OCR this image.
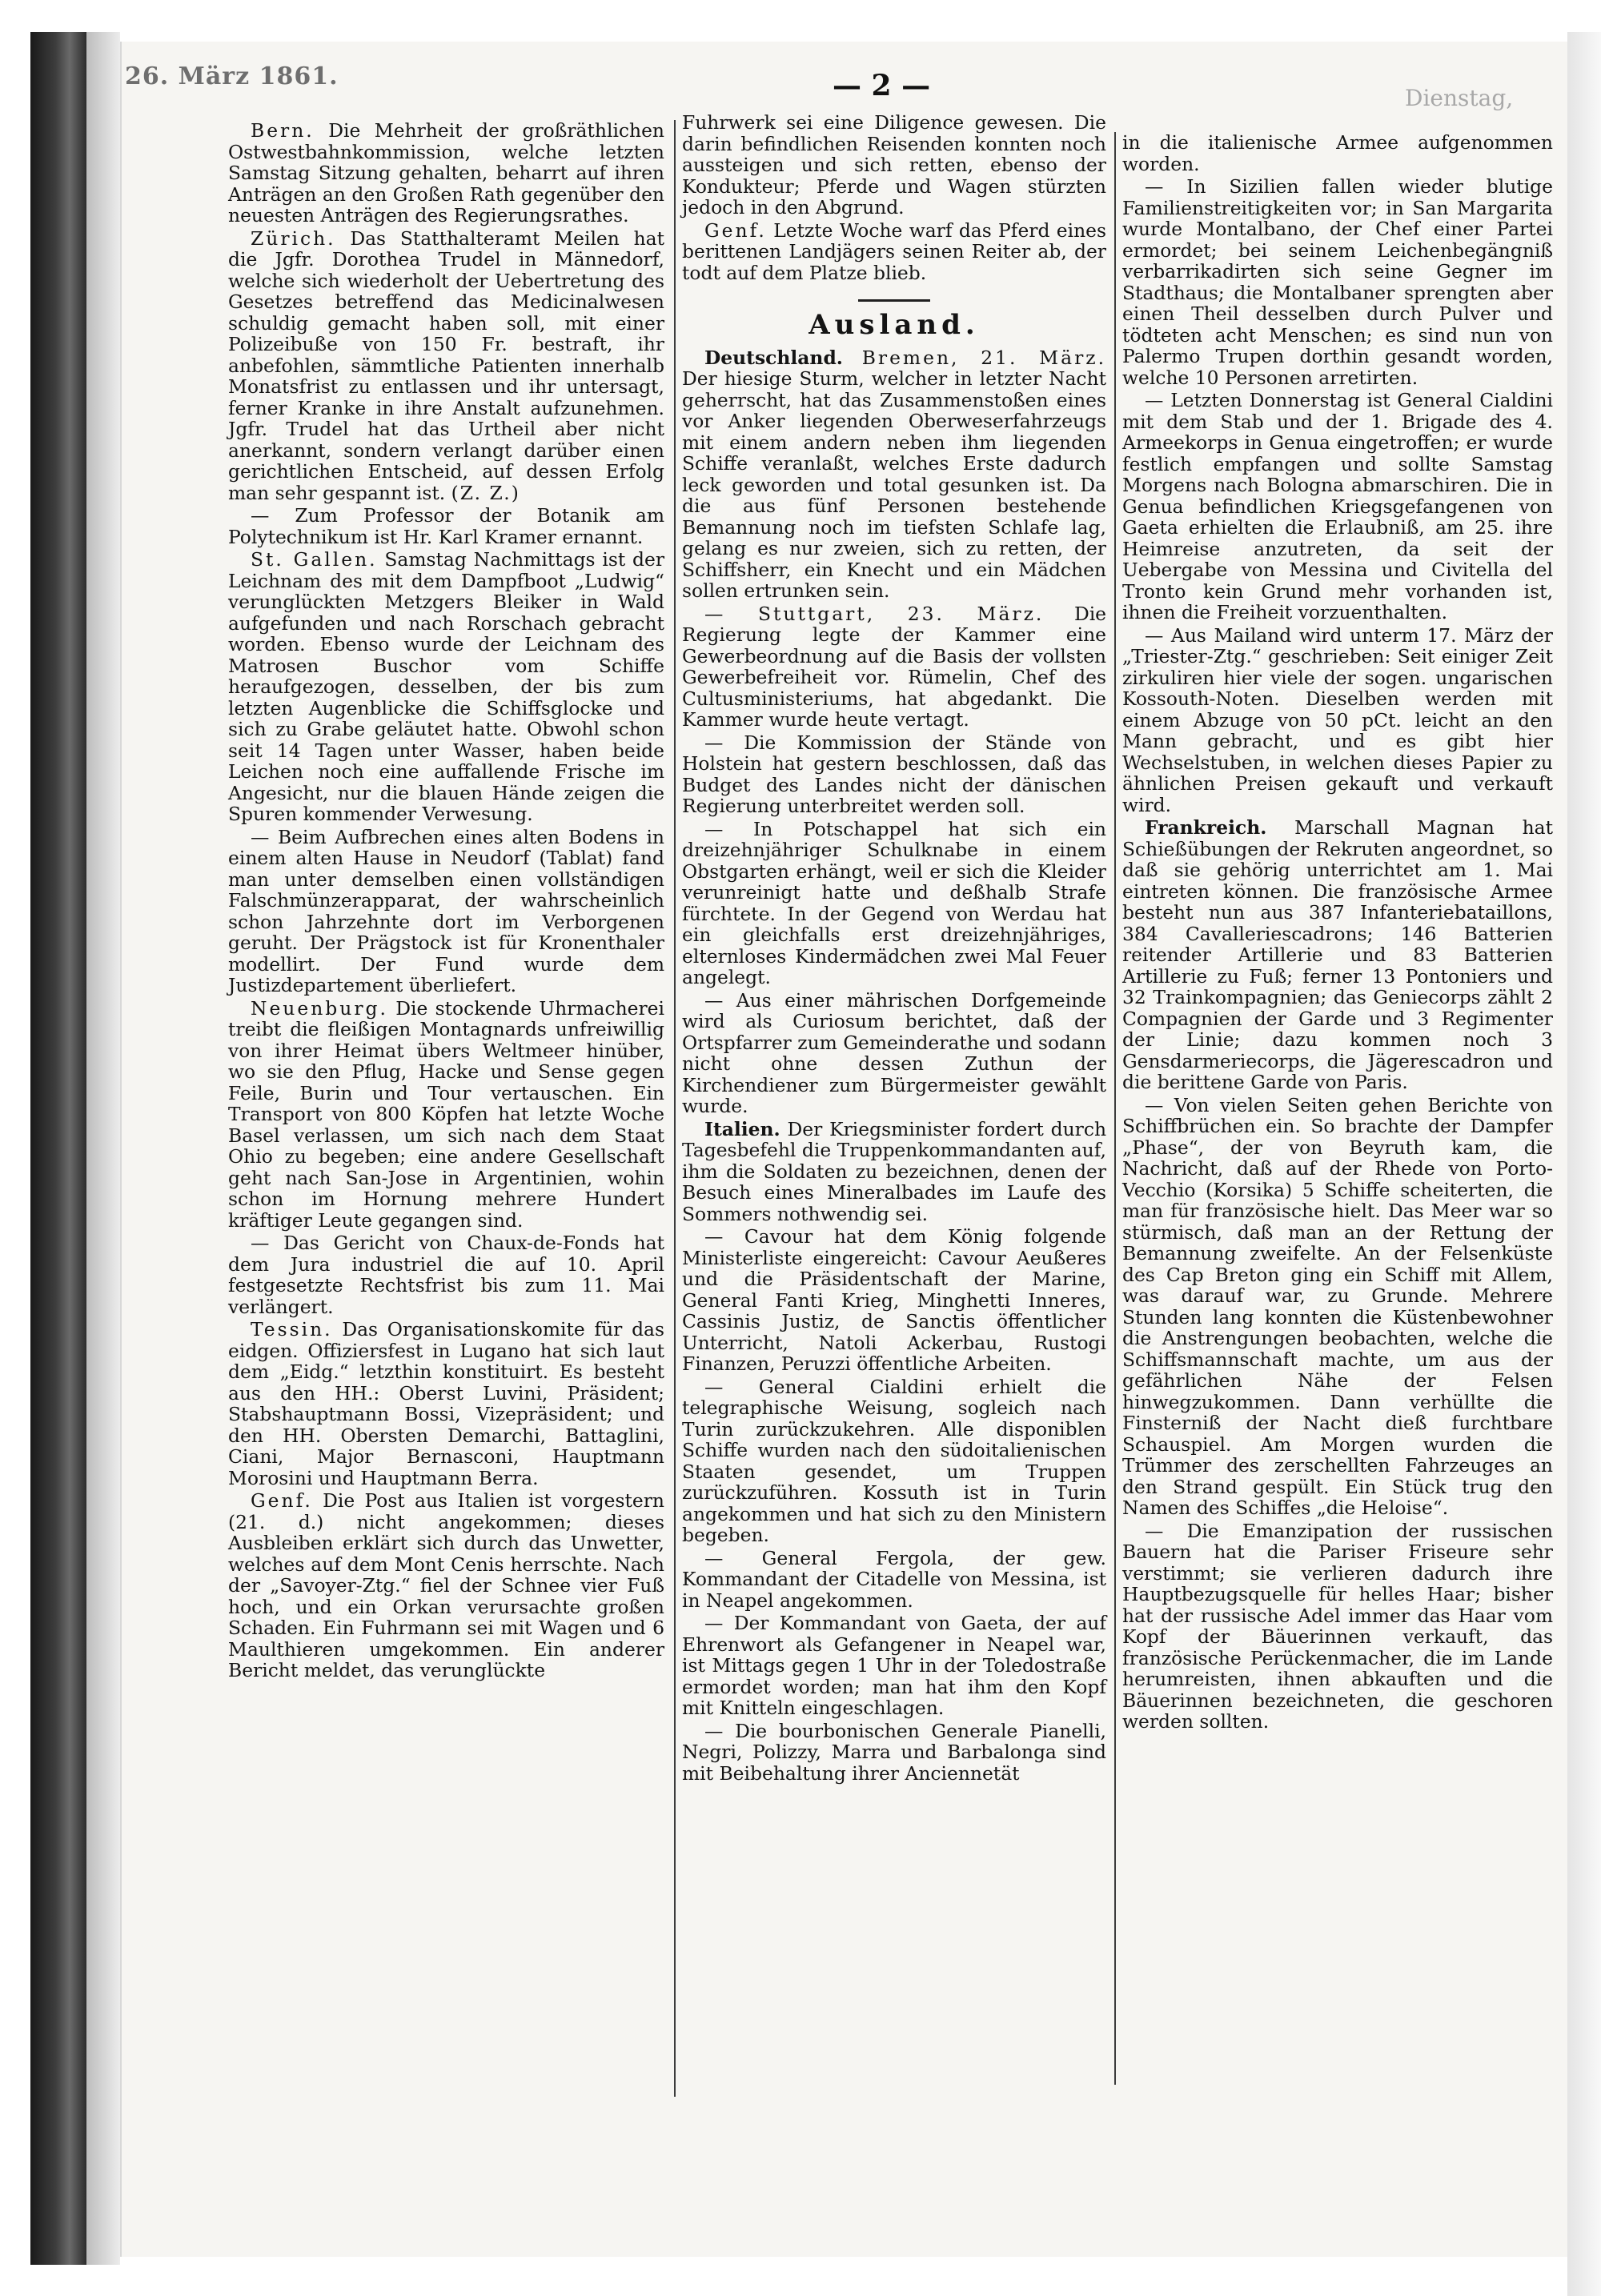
26. März 1861.	— 2 —	Dienstag,

Bern. Die Mehrheit der großräthlichen Ostwestbahnkommission, welche letzten Samstag Sitzung gehalten, beharrt auf ihren Anträgen an den Großen Rath gegenüber den neuesten Anträgen des Regierungsrathes.

Zürich. Das Statthalteramt Meilen hat die Jgfr. Dorothea Trudel in Männedorf, welche sich wiederholt der Uebertretung des Gesetzes betreffend das Medicinalwesen schuldig gemacht haben soll, mit einer Polizeibuße von 150 Fr. bestraft, ihr anbefohlen, sämmtliche Patienten innerhalb Monatsfrist zu entlassen und ihr untersagt, ferner Kranke in ihre Anstalt aufzunehmen. Jgfr. Trudel hat das Urtheil aber nicht anerkannt, sondern verlangt darüber einen gerichtlichen Entscheid, auf dessen Erfolg man sehr gespannt ist. (Z. Z.)

— Zum Professor der Botanik am Polytechnikum ist Hr. Karl Kramer ernannt.

St. Gallen. Samstag Nachmittags ist der Leichnam des mit dem Dampfboot „Ludwig“ verunglückten Metzgers Bleiker in Wald aufgefunden und nach Rorschach gebracht worden. Ebenso wurde der Leichnam des Matrosen Buschor vom Schiffe heraufgezogen, desselben, der bis zum letzten Augenblicke die Schiffsglocke und sich zu Grabe geläutet hatte. Obwohl schon seit 14 Tagen unter Wasser, haben beide Leichen noch eine auffallende Frische im Angesicht, nur die blauen Hände zeigen die Spuren kommender Verwesung.

— Beim Aufbrechen eines alten Bodens in einem alten Hause in Neudorf (Tablat) fand man unter demselben einen vollständigen Falschmünzerapparat, der wahrscheinlich schon Jahrzehnte dort im Verborgenen geruht. Der Prägstock ist für Kronenthaler modellirt. Der Fund wurde dem Justizdepartement überliefert.

Neuenburg. Die stockende Uhrmacherei treibt die fleißigen Montagnards unfreiwillig von ihrer Heimat übers Weltmeer hinüber, wo sie den Pflug, Hacke und Sense gegen Feile, Burin und Tour vertauschen. Ein Transport von 800 Köpfen hat letzte Woche Basel verlassen, um sich nach dem Staat Ohio zu begeben; eine andere Gesellschaft geht nach San-Jose in Argentinien, wohin schon im Hornung mehrere Hundert kräftiger Leute gegangen sind.

— Das Gericht von Chaux-de-Fonds hat dem Jura industriel die auf 10. April festgesetzte Rechtsfrist bis zum 11. Mai verlängert.

Tessin. Das Organisationskomite für das eidgen. Offiziersfest in Lugano hat sich laut dem „Eidg.“ letzthin konstituirt. Es besteht aus den HH.: Oberst Luvini, Präsident; Stabshauptmann Bossi, Vizepräsident; und den HH. Obersten Demarchi, Battaglini, Ciani, Major Bernasconi, Hauptmann Morosini und Hauptmann Berra.

Genf. Die Post aus Italien ist vorgestern (21. d.) nicht angekommen; dieses Ausbleiben erklärt sich durch das Unwetter, welches auf dem Mont Cenis herrschte. Nach der „Savoyer-Ztg.“ fiel der Schnee vier Fuß hoch, und ein Orkan verursachte großen Schaden. Ein Fuhrmann sei mit Wagen und 6 Maulthieren umgekommen. Ein anderer Bericht meldet, das verunglückte

Fuhrwerk sei eine Diligence gewesen. Die darin befindlichen Reisenden konnten noch aussteigen und sich retten, ebenso der Kondukteur; Pferde und Wagen stürzten jedoch in den Abgrund.

Genf. Letzte Woche warf das Pferd eines berittenen Landjägers seinen Reiter ab, der todt auf dem Platze blieb.

Ausland.

Deutschland. Bremen, 21. März. Der hiesige Sturm, welcher in letzter Nacht geherrscht, hat das Zusammenstoßen eines vor Anker liegenden Oberweserfahrzeugs mit einem andern neben ihm liegenden Schiffe veranlaßt, welches Erste dadurch leck geworden und total gesunken ist. Da die aus fünf Personen bestehende Bemannung noch im tiefsten Schlafe lag, gelang es nur zweien, sich zu retten, der Schiffsherr, ein Knecht und ein Mädchen sollen ertrunken sein.

— Stuttgart, 23. März. Die Regierung legte der Kammer eine Gewerbeordnung auf die Basis der vollsten Gewerbefreiheit vor. Rümelin, Chef des Cultusministeriums, hat abgedankt. Die Kammer wurde heute vertagt.

— Die Kommission der Stände von Holstein hat gestern beschlossen, daß das Budget des Landes nicht der dänischen Regierung unterbreitet werden soll.

— In Potschappel hat sich ein dreizehnjähriger Schulknabe in einem Obstgarten erhängt, weil er sich die Kleider verunreinigt hatte und deßhalb Strafe fürchtete. In der Gegend von Werdau hat ein gleichfalls erst dreizehnjähriges, elternloses Kindermädchen zwei Mal Feuer angelegt.

— Aus einer mährischen Dorfgemeinde wird als Curiosum berichtet, daß der Ortspfarrer zum Gemeinderathe und sodann nicht ohne dessen Zuthun der Kirchendiener zum Bürgermeister gewählt wurde.

Italien. Der Kriegsminister fordert durch Tagesbefehl die Truppenkommandanten auf, ihm die Soldaten zu bezeichnen, denen der Besuch eines Mineralbades im Laufe des Sommers nothwendig sei.

— Cavour hat dem König folgende Ministerliste eingereicht: Cavour Aeußeres und die Präsidentschaft der Marine, General Fanti Krieg, Minghetti Inneres, Cassinis Justiz, de Sanctis öffentlicher Unterricht, Natoli Ackerbau, Rustogi Finanzen, Peruzzi öffentliche Arbeiten.

— General Cialdini erhielt die telegraphische Weisung, sogleich nach Turin zurückzukehren. Alle disponiblen Schiffe wurden nach den südoitalienischen Staaten gesendet, um Truppen zurückzuführen. Kossuth ist in Turin angekommen und hat sich zu den Ministern begeben.

— General Fergola, der gew. Kommandant der Citadelle von Messina, ist in Neapel angekommen.

— Der Kommandant von Gaeta, der auf Ehrenwort als Gefangener in Neapel war, ist Mittags gegen 1 Uhr in der Toledostraße ermordet worden; man hat ihm den Kopf mit Knitteln eingeschlagen.

— Die bourbonischen Generale Pianelli, Negri, Polizzy, Marra und Barbalonga sind mit Beibehaltung ihrer Anciennetät

in die italienische Armee aufgenommen worden.

— In Sizilien fallen wieder blutige Familienstreitigkeiten vor; in San Margarita wurde Montalbano, der Chef einer Partei ermordet; bei seinem Leichenbegängniß verbarrikadirten sich seine Gegner im Stadthaus; die Montalbaner sprengten aber einen Theil desselben durch Pulver und tödteten acht Menschen; es sind nun von Palermo Trupen dorthin gesandt worden, welche 10 Personen arretirten.

— Letzten Donnerstag ist General Cialdini mit dem Stab und der 1. Brigade des 4. Armeekorps in Genua eingetroffen; er wurde festlich empfangen und sollte Samstag Morgens nach Bologna abmarschiren. Die in Genua befindlichen Kriegsgefangenen von Gaeta erhielten die Erlaubniß, am 25. ihre Heimreise anzutreten, da seit der Uebergabe von Messina und Civitella del Tronto kein Grund mehr vorhanden ist, ihnen die Freiheit vorzuenthalten.

— Aus Mailand wird unterm 17. März der „Triester-Ztg.“ geschrieben: Seit einiger Zeit zirkuliren hier viele der sogen. ungarischen Kossouth-Noten. Dieselben werden mit einem Abzuge von 50 pCt. leicht an den Mann gebracht, und es gibt hier Wechselstuben, in welchen dieses Papier zu ähnlichen Preisen gekauft und verkauft wird.

Frankreich. Marschall Magnan hat Schießübungen der Rekruten angeordnet, so daß sie gehörig unterrichtet am 1. Mai eintreten können. Die französische Armee besteht nun aus 387 Infanteriebataillons, 384 Cavalleriescadrons; 146 Batterien reitender Artillerie und 83 Batterien Artillerie zu Fuß; ferner 13 Pontoniers und 32 Trainkompagnien; das Geniecorps zählt 2 Compagnien der Garde und 3 Regimenter der Linie; dazu kommen noch 3 Gensdarmeriecorps, die Jägerescadron und die berittene Garde von Paris.

— Von vielen Seiten gehen Berichte von Schiffbrüchen ein. So brachte der Dampfer „Phase“, der von Beyruth kam, die Nachricht, daß auf der Rhede von Porto-Vecchio (Korsika) 5 Schiffe scheiterten, die man für französische hielt. Das Meer war so stürmisch, daß man an der Rettung der Bemannung zweifelte. An der Felsenküste des Cap Breton ging ein Schiff mit Allem, was darauf war, zu Grunde. Mehrere Stunden lang konnten die Küstenbewohner die Anstrengungen beobachten, welche die Schiffsmannschaft machte, um aus der gefährlichen Nähe der Felsen hinwegzukommen. Dann verhüllte die Finsterniß der Nacht dieß furchtbare Schauspiel. Am Morgen wurden die Trümmer des zerschellten Fahrzeuges an den Strand gespült. Ein Stück trug den Namen des Schiffes „die Heloise“.

— Die Emanzipation der russischen Bauern hat die Pariser Friseure sehr verstimmt; sie verlieren dadurch ihre Hauptbezugsquelle für helles Haar; bisher hat der russische Adel immer das Haar vom Kopf der Bäuerinnen verkauft, das französische Perückenmacher, die im Lande herumreisten, ihnen abkauften und die Bäuerinnen bezeichneten, die geschoren werden sollten.
